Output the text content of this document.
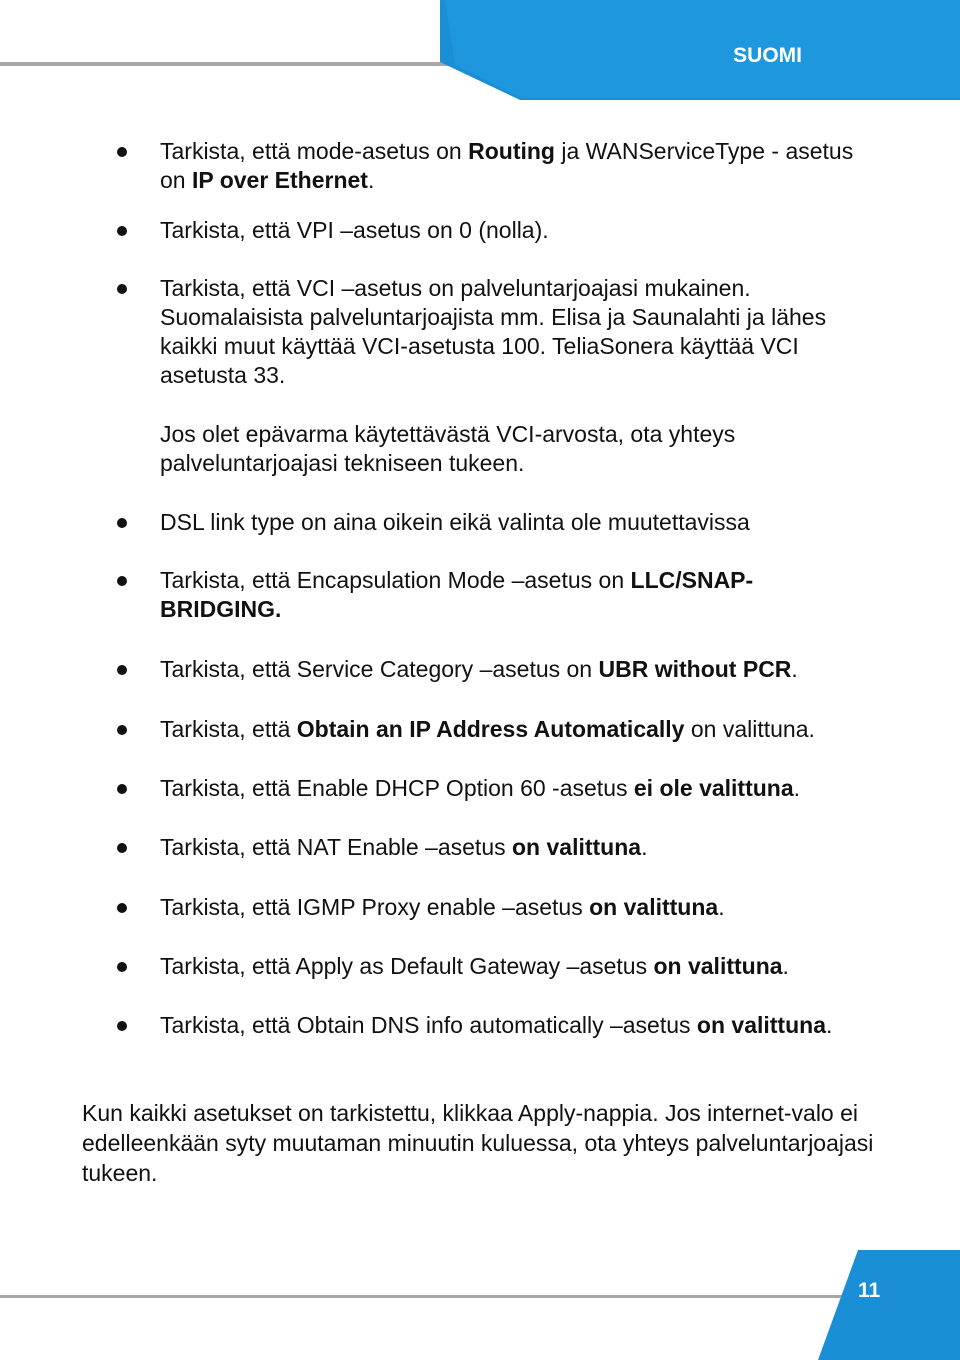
SUOMI
Tarkista, että mode-asetus on Routing ja WANServiceType - asetus on IP over Ethernet.
Tarkista, että VPI –asetus on 0 (nolla).
Tarkista, että VCI –asetus on palveluntarjoajasi mukainen. Suomalaisista palveluntarjoajista mm. Elisa ja Saunalahti ja lähes kaikki muut käyttää VCI-asetusta 100. TeliaSonera käyttää VCI asetusta 33.
Jos olet epävarma käytettävästä VCI-arvosta, ota yhteys palveluntarjoajasi tekniseen tukeen.
DSL link type on aina oikein eikä valinta ole muutettavissa
Tarkista, että Encapsulation Mode –asetus on LLC/SNAP-BRIDGING.
Tarkista, että Service Category –asetus on UBR without PCR.
Tarkista, että Obtain an IP Address Automatically on valittuna.
Tarkista, että Enable DHCP Option 60 -asetus ei ole valittuna.
Tarkista, että NAT Enable –asetus on valittuna.
Tarkista, että IGMP Proxy enable –asetus on valittuna.
Tarkista, että Apply as Default Gateway –asetus on valittuna.
Tarkista, että Obtain DNS info automatically –asetus on valittuna.
Kun kaikki asetukset on tarkistettu, klikkaa Apply-nappia. Jos internet-valo ei edelleenkään syty muutaman minuutin kuluessa, ota yhteys palveluntarjoajasi tukeen.
11
